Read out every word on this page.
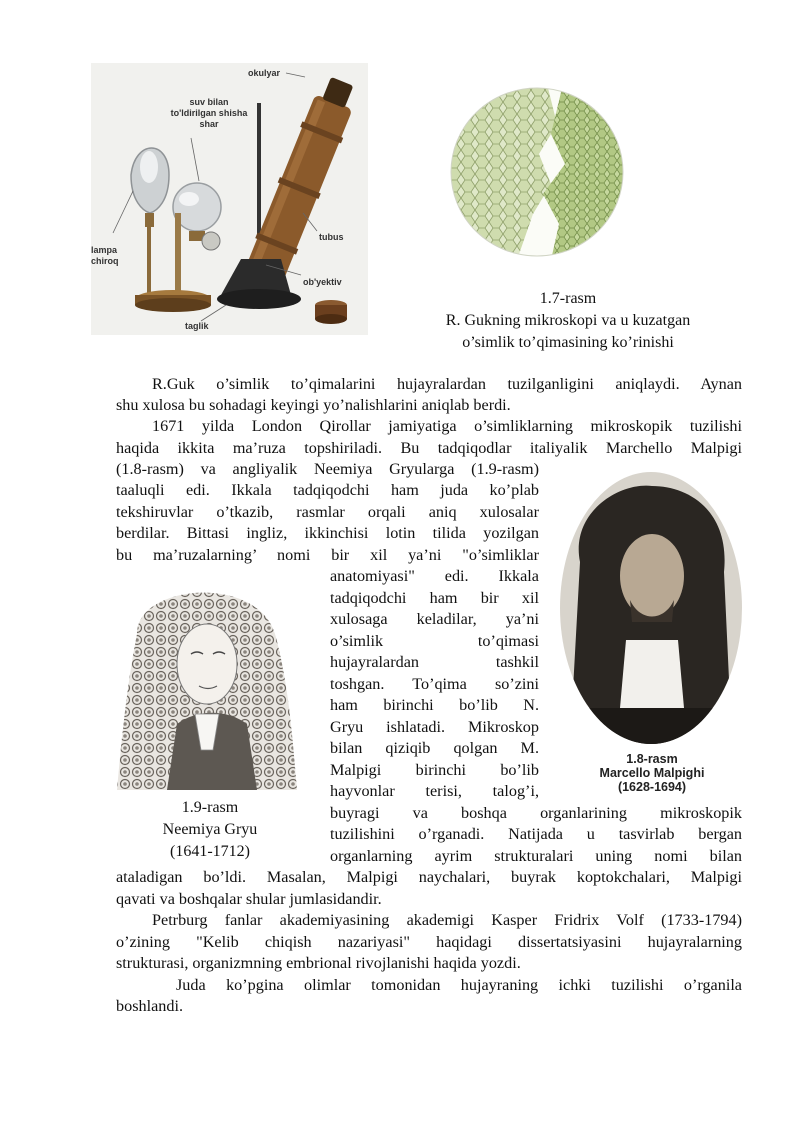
okulyar
suv bilan
to'ldirilgan shisha
shar
lampa
chiroq
tubus
ob'yektiv
taglik
1.7-rasm
R. Gukning mikroskopi va u kuzatgan
o’simlik to’qimasining ko’rinishi
1.8-rasm
Marcello Malpighi
(1628-1694)
1.9-rasm
Neemiya Gryu
(1641-1712)
R.Guk o’simlik to’qimalarini hujayralardan tuzilganligini aniqlaydi. Aynan
shu xulosa bu sohadagi keyingi yo’nalishlarini aniqlab berdi.
1671 yilda London Qirollar jamiyatiga o’simliklarning mikroskopik tuzilishi
haqida ikkita ma’ruza topshiriladi. Bu tadqiqodlar italiyalik Marchello Malpigi
(1.8-rasm) va angliyalik Neemiya Gryularga (1.9-rasm)
taaluqli edi. Ikkala tadqiqodchi ham juda ko’plab
tekshiruvlar o’tkazib, rasmlar orqali aniq xulosalar
berdilar. Bittasi ingliz, ikkinchisi lotin tilida yozilgan
bu ma’ruzalarning’ nomi bir xil ya’ni "o’simliklar
anatomiyasi" edi. Ikkala
tadqiqodchi ham bir xil
xulosaga keladilar, ya’ni
o’simlik to’qimasi
hujayralardan tashkil
toshgan. To’qima so’zini
ham birinchi bo’lib N.
Gryu ishlatadi. Mikroskop
bilan qiziqib qolgan M.
Malpigi birinchi bo’lib
hayvonlar terisi, talog’i,
buyragi va boshqa organlarining mikroskopik
tuzilishini o’rganadi. Natijada u tasvirlab bergan
organlarning ayrim strukturalari uning nomi bilan
ataladigan bo’ldi. Masalan, Malpigi naychalari, buyrak koptokchalari, Malpigi
qavati va boshqalar shular jumlasidandir.
Petrburg fanlar akademiyasining akademigi Kasper Fridrix Volf (1733-1794)
o’zining "Kelib chiqish nazariyasi" haqidagi dissertatsiyasini hujayralarning
strukturasi, organizmning embrional rivojlanishi haqida yozdi.
Juda ko’pgina olimlar tomonidan hujayraning ichki tuzilishi o’rganila
boshlandi.
